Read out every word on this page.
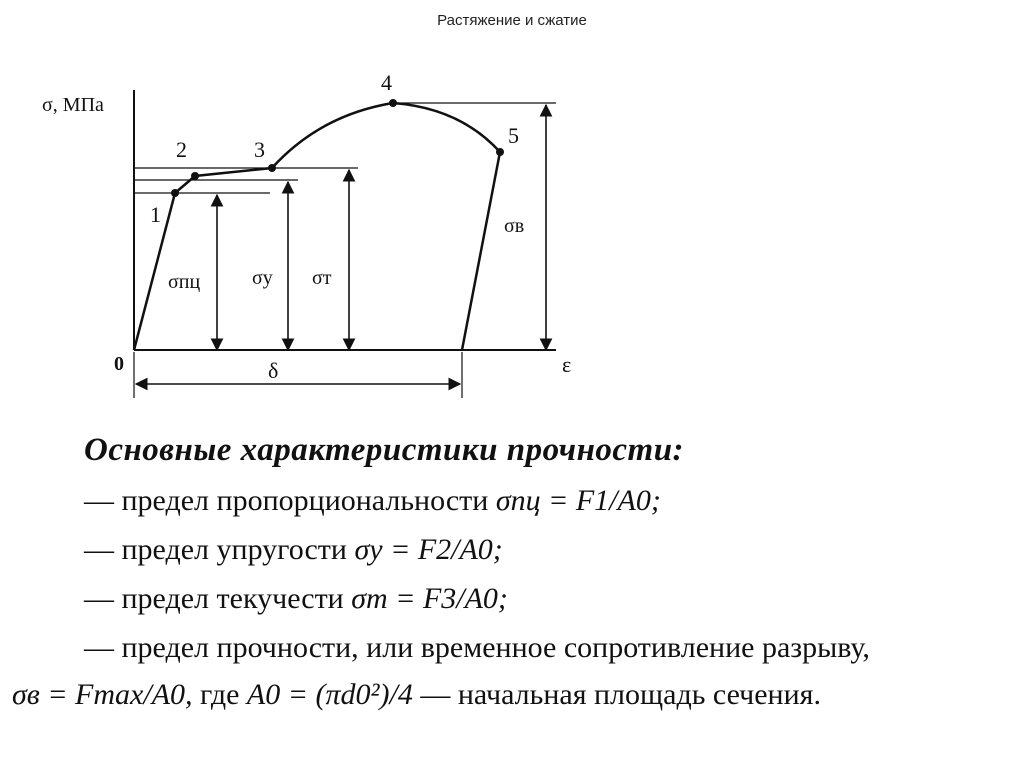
Растяжение и сжатие
σ, МПа
ε
0
1
2	3
4
5
σпц	σу σт
σв
δ
Основные характеристики прочности:
— предел пропорциональности σпц = F1/A0;
— предел упругости σу = F2/A0;
— предел текучести σт = F3/A0;
— предел прочности, или временное сопротивление разрыву,
σв = Fmax/A0, где A0 = (πd0²)/4 — начальная площадь сечения.
